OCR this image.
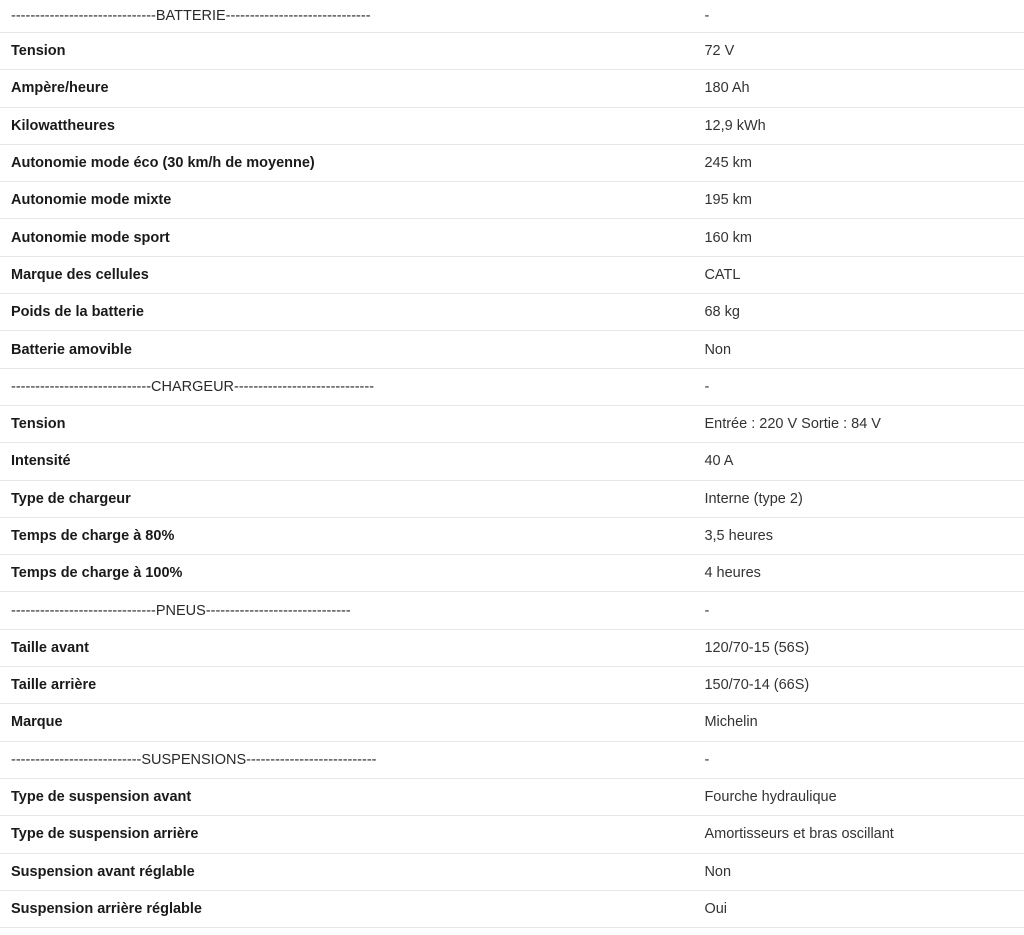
------------------------------BATTERIE------------------------------	-
Tension	72 V
Ampère/heure	180 Ah
Kilowattheures	12,9 kWh
Autonomie mode éco (30 km/h de moyenne)	245 km
Autonomie mode mixte	195 km
Autonomie mode sport	160 km
Marque des cellules	CATL
Poids de la batterie	68 kg
Batterie amovible	Non
-----------------------------CHARGEUR-----------------------------	-
Tension	Entrée : 220 V Sortie : 84 V
Intensité	40 A
Type de chargeur	Interne (type 2)
Temps de charge à 80%	3,5 heures
Temps de charge à 100%	4 heures
------------------------------PNEUS------------------------------	-
Taille avant	120/70-15 (56S)
Taille arrière	150/70-14 (66S)
Marque	Michelin
---------------------------SUSPENSIONS---------------------------	-
Type de suspension avant	Fourche hydraulique
Type de suspension arrière	Amortisseurs et bras oscillant
Suspension avant réglable	Non
Suspension arrière réglable	Oui
